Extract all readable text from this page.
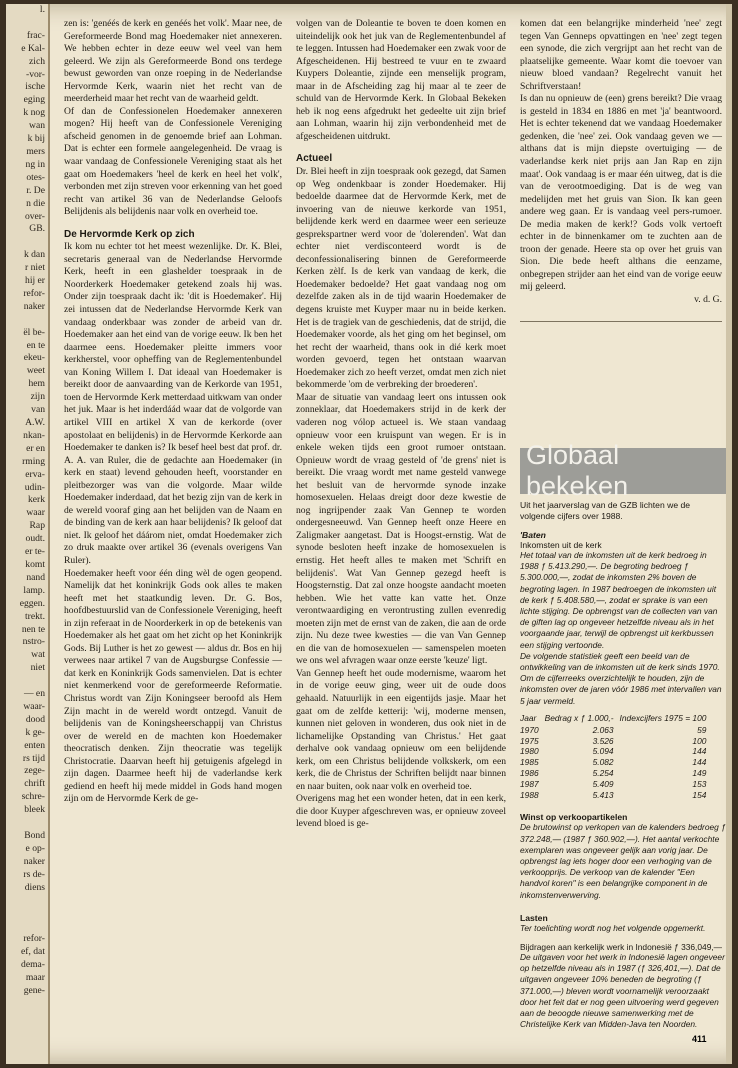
l.

frac-
e Kal-
zich
-vor-
ische
eging
k nog
wan
k bij
mers
ng in
otes-
r. De
n die
over-
GB.

k dan
r niet
hij er
refor-
naker

ël be-
en te
ekeu-
weet
hem
zijn
van
A.W.
nkan-
er en
rming
erva-
udin-
kerk
waar
Rap
oudt.
er te-
komt
nand
lamp.
eggen.
trekt.
nen te
nstro-
wat
niet

— en
waar-
dood
k ge-
enten
rs tijd
zege-
chrift
schre-
bleek

Bond
e op-
naker
rs de-
diens

refor-
ef, dat
dema-
maar
gene-

zen is: 'genéés de kerk en genéés het volk'. Maar nee, de Gereformeerde Bond mag Hoedemaker niet annexeren. We hebben echter in deze eeuw wel veel van hem geleerd. We zijn als Gereformeerde Bond ons terdege bewust geworden van onze roeping in de Nederlandse Hervormde Kerk, waarin niet het recht van de meerderheid maar het recht van de waarheid geldt.

Of dan de Confessionelen Hoedemaker annexeren mogen? Hij heeft van de Confessionele Vereniging afscheid genomen in de genoemde brief aan Lohman. Dat is echter een formele aangelegenheid. De vraag is waar vandaag de Confessionele Vereniging staat als het gaat om Hoedemakers 'heel de kerk en heel het volk', verbonden met zijn streven voor erkenning van het goed recht van artikel 36 van de Nederlandse Geloofs Belijdenis als belijdenis naar volk en overheid toe.

De Hervormde Kerk op zich

Ik kom nu echter tot het meest wezenlijke. Dr. K. Blei, secretaris generaal van de Nederlandse Hervormde Kerk, heeft in een glashelder toespraak in de Noorderkerk Hoedemaker getekend zoals hij was. Onder zijn toespraak dacht ik: 'dit is Hoedemaker'. Hij zei intussen dat de Nederlandse Hervormde Kerk van vandaag onderkbaar was zonder de arbeid van dr. Hoedemaker aan het eind van de vorige eeuw. Ik ben het daarmee eens. Hoedemaker pleitte immers voor kerkherstel, voor opheffing van de Reglementenbundel van Koning Willem I. Dat ideaal van Hoedemaker is bereikt door de aanvaarding van de Kerkorde van 1951, toen de Hervormde Kerk metterdaad uitkwam van onder het juk. Maar is het inderdáád waar dat de volgorde van artikel VIII en artikel X van de kerkorde (over apostolaat en belijdenis) in de Hervormde Kerkorde aan Hoedemaker te danken is? Ik besef heel best dat prof. dr. A. A. van Ruler, die de gedachte aan Hoedemaker (in kerk en staat) levend gehouden heeft, voorstander en pleitbezorger was van die volgorde. Maar wilde Hoedemaker inderdaad, dat het bezig zijn van de kerk in de wereld vooraf ging aan het belijden van de Naam en de binding van de kerk aan haar belijdenis? Ik geloof dat niet. Ik geloof het dáárom niet, omdat Hoedemaker zich zo druk maakte over artikel 36 (evenals overigens Van Ruler).

Hoedemaker heeft voor één ding wèl de ogen geopend. Namelijk dat het koninkrijk Gods ook alles te maken heeft met het staatkundig leven. Dr. G. Bos, hoofdbestuurslid van de Confessionele Vereniging, heeft in zijn referaat in de Noorderkerk in op de betekenis van Hoedemaker als het gaat om het zicht op het Koninkrijk Gods. Bij Luther is het zo gewest — aldus dr. Bos en hij verwees naar artikel 7 van de Augsburgse Confessie — dat kerk en Koninkrijk Gods samenvielen. Dat is echter niet kenmerkend voor de gereformeerde Reformatie. Christus wordt van Zijn Koningseer beroofd als Hem Zijn macht in de wereld wordt ontzegd. Vanuit de belijdenis van de Koningsheerschappij van Christus over de wereld en de machten kon Hoedemaker theocratisch denken. Zijn theocratie was tegelijk Christocratie. Daarvan heeft hij getuigenis afgelegd in zijn dagen. Daarmee heeft hij de vaderlandse kerk gediend en heeft hij mede middel in Gods hand mogen zijn om de Hervormde Kerk de ge-

volgen van de Doleantie te boven te doen komen en uiteindelijk ook het juk van de Reglementenbundel af te leggen. Intussen had Hoedemaker een zwak voor de Afgescheidenen. Hij bestreed te vuur en te zwaard Kuypers Doleantie, zijnde een menselijk program, maar in de Afscheiding zag hij maar al te zeer de schuld van de Hervormde Kerk. In Globaal Bekeken heb ik nog eens afgedrukt het gedeelte uit zijn brief aan Lohman, waarin hij zijn verbondenheid met de afgescheidenen uitdrukt.

Actueel

Dr. Blei heeft in zijn toespraak ook gezegd, dat Samen op Weg ondenkbaar is zonder Hoedemaker. Hij bedoelde daarmee dat de Hervormde Kerk, met de invoering van de nieuwe kerkorde van 1951, belijdende kerk werd en daarmee weer een serieuze gesprekspartner werd voor de 'dolerenden'. Wat dan echter niet verdisconteerd wordt is de deconfessionalisering binnen de Gereformeerde Kerken zèlf. Is de kerk van vandaag de kerk, die Hoedemaker bedoelde? Het gaat vandaag nog om dezelfde zaken als in de tijd waarin Hoedemaker de degens kruiste met Kuyper maar nu in beide kerken. Het is de tragiek van de geschiedenis, dat de strijd, die Hoedemaker voorde, als het ging om het beginsel, om het recht der waarheid, thans ook in dié kerk moet worden gevoerd, tegen het ontstaan waarvan Hoedemaker zich zo heeft verzet, omdat men zich niet bekommerde 'om de verbreking der broederen'.

Maar de situatie van vandaag leert ons intussen ook zonneklaar, dat Hoedemakers strijd in de kerk der vaderen nog vólop actueel is. We staan vandaag opnieuw voor een kruispunt van wegen. Er is in enkele weken tijds een groot rumoer ontstaan. Opnieuw wordt de vraag gesteld of 'de grens' niet is bereikt. Die vraag wordt met name gesteld vanwege het besluit van de hervormde synode inzake homosexuelen. Helaas dreigt door deze kwestie de nog ingrijpender zaak Van Gennep te worden ondergesneeuwd. Van Gennep heeft onze Heere en Zaligmaker aangetast. Dat is Hoogst-ernstig. Wat de synode besloten heeft inzake de homosexuelen is ernstig. Het heeft alles te maken met 'Schrift en belijdenis'. Wat Van Gennep gezegd heeft is Hoogsternstig. Dat zal onze hoogste aandacht moeten hebben. Wie het vatte kan vatte het. Onze verontwaardiging en verontrusting zullen evenredig moeten zijn met de ernst van de zaken, die aan de orde zijn. Nu deze twee kwesties — die van Van Gennep en die van de homosexuelen — samenspelen moeten we ons wel afvragen waar onze eerste 'keuze' ligt.

Van Gennep heeft het oude modernisme, waarom het in de vorige eeuw ging, weer uit de oude doos gehaald. Natuurlijk in een eigentijds jasje. Maar het gaat om de zelfde ketterij: 'wij, moderne mensen, kunnen niet geloven in wonderen, dus ook niet in de lichamelijke Opstanding van Christus.' Het gaat derhalve ook vandaag opnieuw om een belijdende kerk, om een Christus belijdende volkskerk, om een kerk, die de Christus der Schriften belijdt naar binnen en naar buiten, ook naar volk en overheid toe.

Overigens mag het een wonder heten, dat in een kerk, die door Kuyper afgeschreven was, er opnieuw zoveel levend bloed is ge-

komen dat een belangrijke minderheid 'nee' zegt tegen Van Genneps opvattingen en 'nee' zegt tegen een synode, die zich vergrijpt aan het recht van de plaatselijke gemeente. Waar komt die toevoer van nieuw bloed vandaan? Regelrecht vanuit het Schriftverstaan!

Is dan nu opnieuw de (een) grens bereikt? Die vraag is gesteld in 1834 en 1886 en met 'ja' beantwoord. Het is echter tekenend dat we vandaag Hoedemaker gedenken, die 'nee' zei. Ook vandaag geven we — althans dat is mijn diepste overtuiging — de vaderlandse kerk niet prijs aan Jan Rap en zijn maat'. Ook vandaag is er maar één uitweg, dat is die van de verootmoediging. Dat is de weg van medelijden met het gruis van Sion. Ik kan geen andere weg gaan. Er is vandaag veel pers-rumoer. De media maken de kerk!? Gods volk vertoeft echter in de binnenkamer om te zuchten aan de troon der genade. Heere sta op over het gruis van Sion. Die bede heeft althans die eenzame, onbegrepen strijder aan het eind van de vorige eeuw mij geleerd.

v. d. G.

Globaal bekeken
Uit het jaarverslag van de GZB lichten we de volgende cijfers over 1988.
'Baten
Inkomsten uit de kerk
Het totaal van de inkomsten uit de kerk bedroeg in 1988 ƒ 5.413.290,—. De begroting bedroeg ƒ 5.300.000,—, zodat de inkomsten 2% boven de begroting lagen. In 1987 bedroegen de inkomsten uit de kerk ƒ 5.408.580,—, zodat er sprake is van een lichte stijging. De opbrengst van de collecten van van de giften lag op ongeveer hetzelfde niveau als in het voorgaande jaar, terwijl de opbrengst uit kerkbussen een stijging vertoonde.
De volgende statistiek geeft een beeld van de ontwikkeling van de inkomsten uit de kerk sinds 1970. Om de cijferreeks overzichtelijk te houden, zijn de inkomsten over de jaren vóór 1986 met intervallen van 5 jaar vermeld.
Jaar	Bedrag x ƒ 1.000,-	Indexcijfers 1975 = 100
1970	2.063	59
1975	3.526	100
1980	5.094	144
1985	5.082	144
1986	5.254	149
1987	5.409	153
1988	5.413	154
Winst op verkoopartikelen
De brutowinst op verkopen van de kalenders bedroeg ƒ 372.248,— (1987 ƒ 360.902,—). Het aantal verkochte exemplaren was ongeveer gelijk aan vorig jaar. De opbrengst lag iets hoger door een verhoging van de verkoopprijs. De verkoop van de kalender "Een handvol koren" is een belangrijke component in de inkomstenverwerving.
Lasten
Ter toelichting wordt nog het volgende opgemerkt.
Bijdragen aan kerkelijk werk in Indonesië ƒ 336,049,—
De uitgaven voor het werk in Indonesië lagen ongeveer op hetzelfde niveau als in 1987 (ƒ 326,401,—). Dat de uitgaven ongeveer 10% beneden de begroting (ƒ 371.000,—) bleven wordt voornamelijk veroorzaakt door het feit dat er nog geen uitvoering werd gegeven aan de beoogde nieuwe samenwerking met de Christelijke Kerk van Midden-Java ten Noorden.
411
